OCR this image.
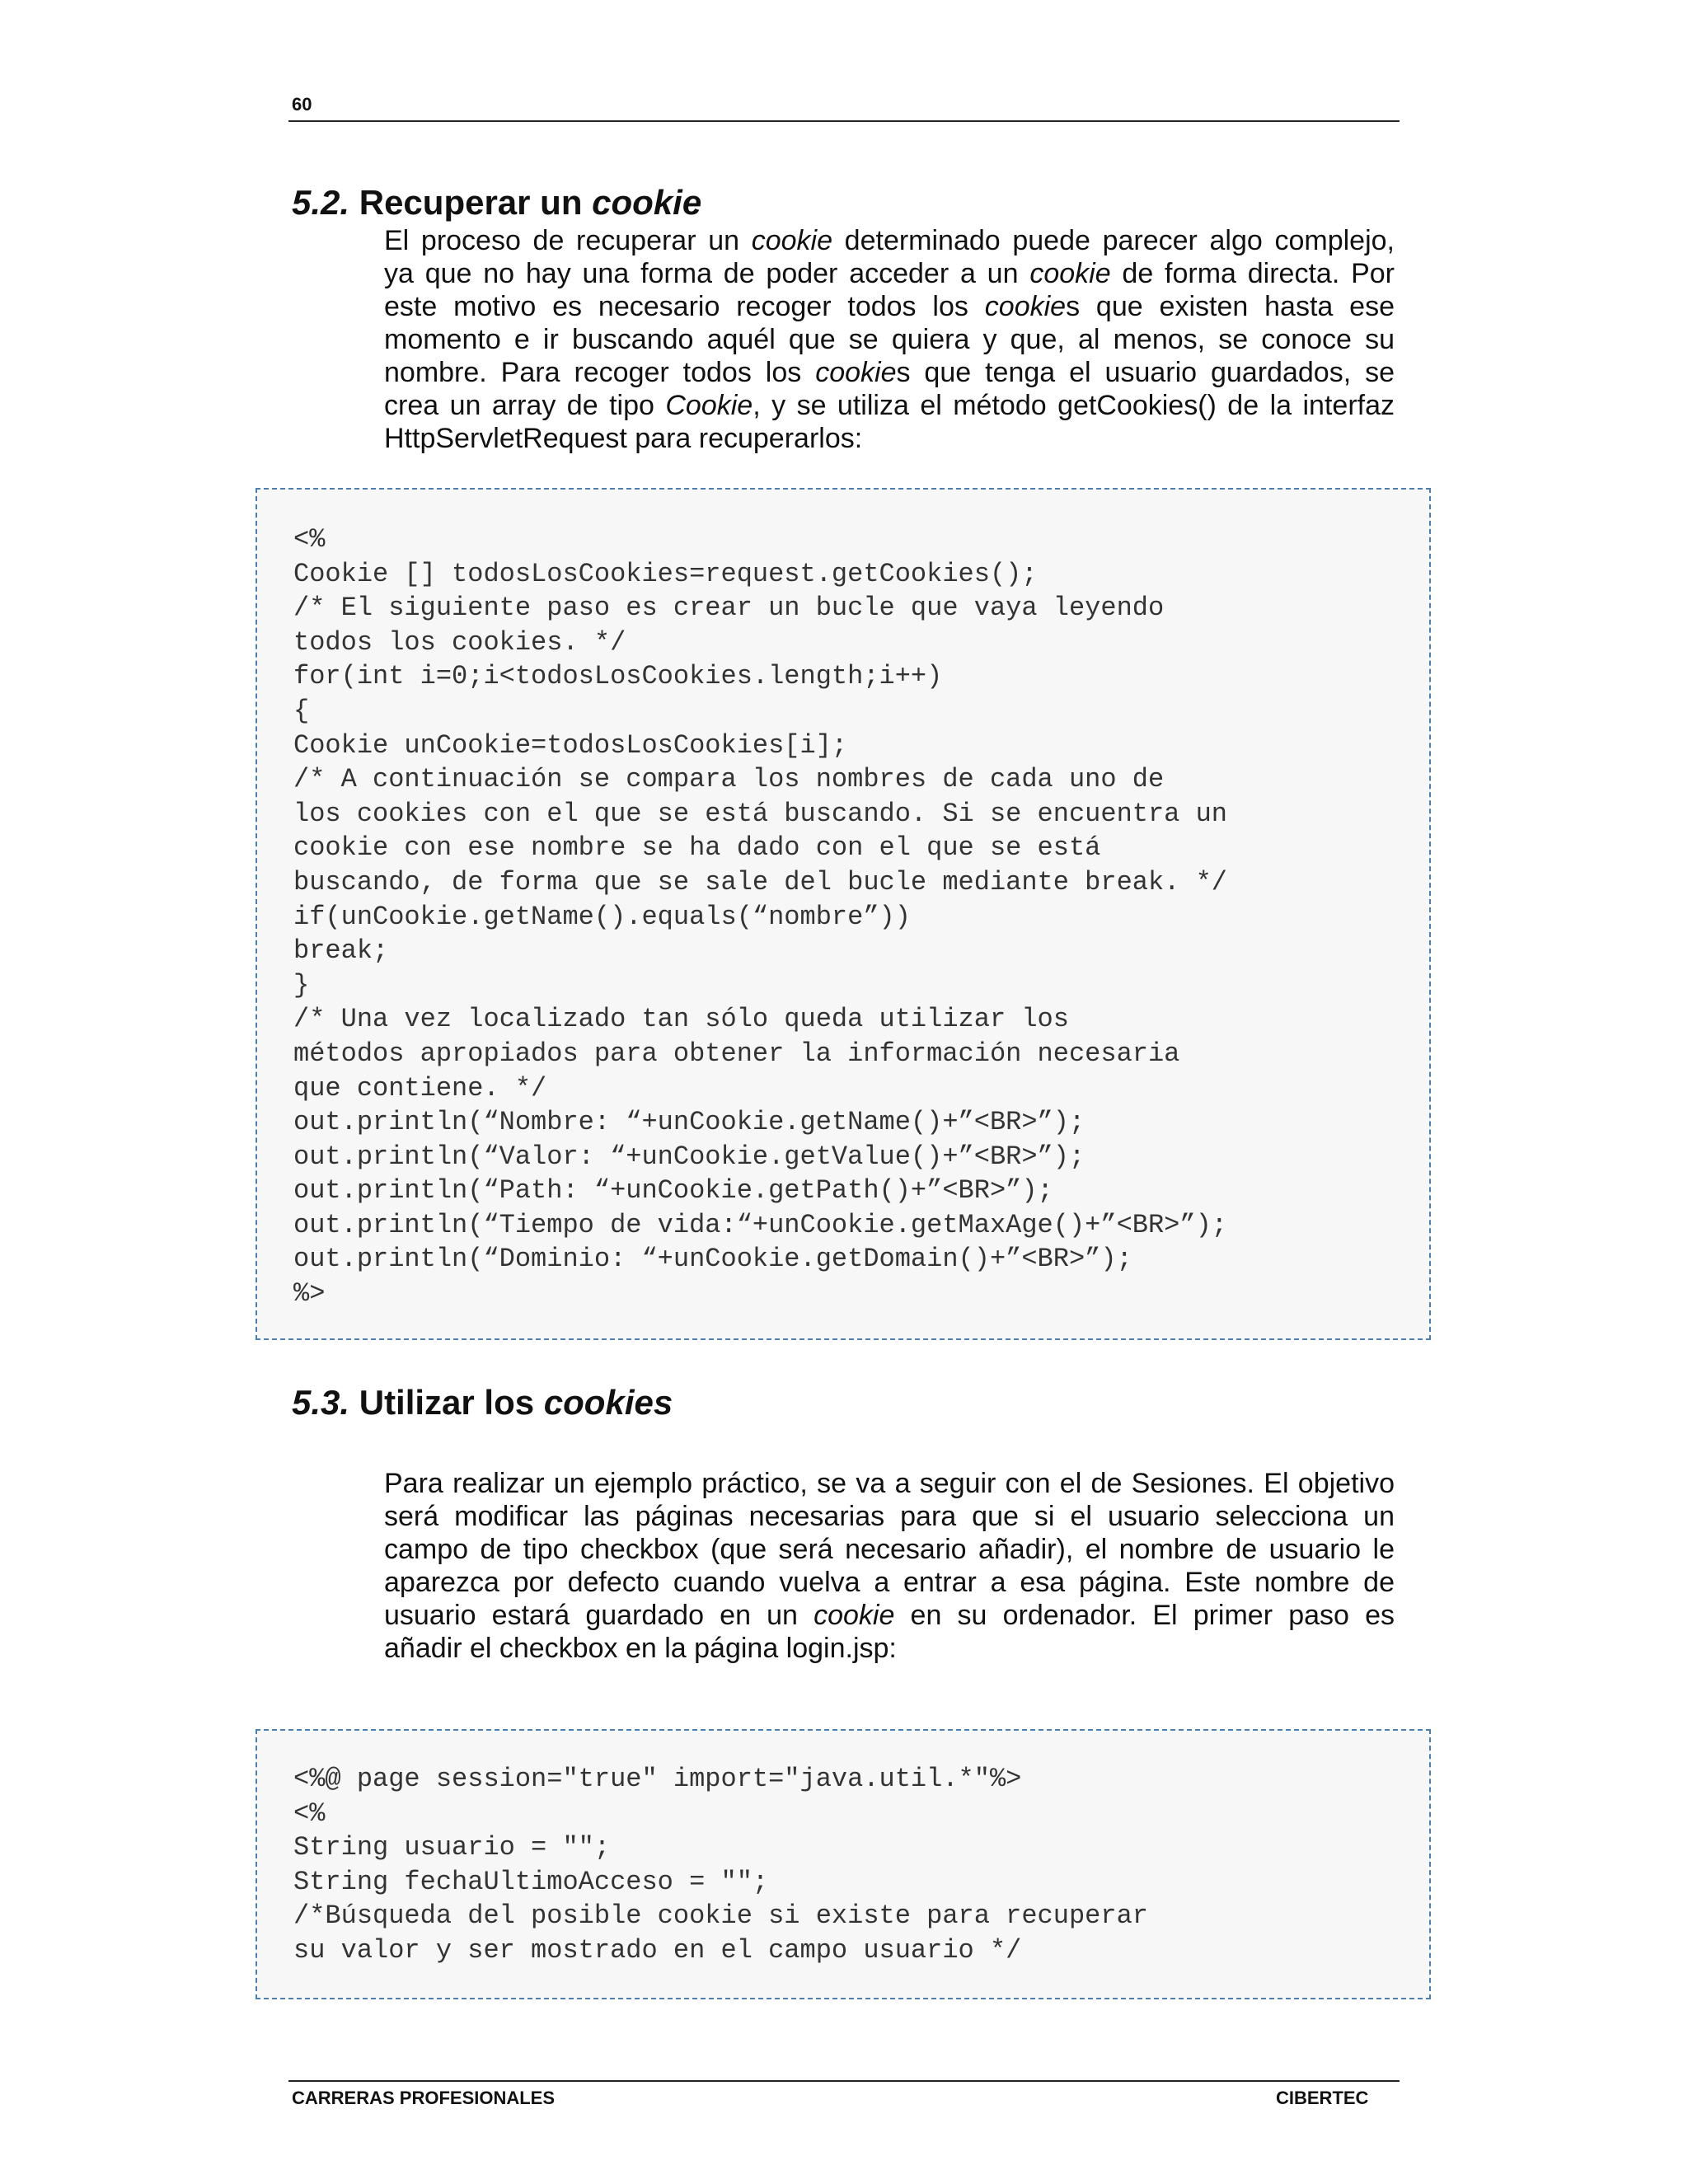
60
5.2. Recuperar un cookie
El proceso de recuperar un cookie determinado puede parecer algo complejo,
ya que no hay una forma de poder acceder a un cookie de forma directa. Por
este motivo es necesario recoger todos los cookies que existen hasta ese
momento e ir buscando aquél que se quiera y que, al menos, se conoce su
nombre. Para recoger todos los cookies que tenga el usuario guardados, se
crea un array de tipo Cookie, y se utiliza el método getCookies() de la interfaz
HttpServletRequest para recuperarlos:
<%
Cookie [] todosLosCookies=request.getCookies();
/* El siguiente paso es crear un bucle que vaya leyendo
todos los cookies. */
for(int i=0;i<todosLosCookies.length;i++)
{
Cookie unCookie=todosLosCookies[i];
/* A continuación se compara los nombres de cada uno de
los cookies con el que se está buscando. Si se encuentra un
cookie con ese nombre se ha dado con el que se está
buscando, de forma que se sale del bucle mediante break. */
if(unCookie.getName().equals(“nombre”))
break;
}
/* Una vez localizado tan sólo queda utilizar los
métodos apropiados para obtener la información necesaria
que contiene. */
out.println(“Nombre: “+unCookie.getName()+”<BR>”);
out.println(“Valor: “+unCookie.getValue()+”<BR>”);
out.println(“Path: “+unCookie.getPath()+”<BR>”);
out.println(“Tiempo de vida:“+unCookie.getMaxAge()+”<BR>”);
out.println(“Dominio: “+unCookie.getDomain()+”<BR>”);
%>
5.3. Utilizar los cookies
Para realizar un ejemplo práctico, se va a seguir con el de Sesiones. El objetivo
será modificar las páginas necesarias para que si el usuario selecciona un
campo de tipo checkbox (que será necesario añadir), el nombre de usuario le
aparezca por defecto cuando vuelva a entrar a esa página. Este nombre de
usuario estará guardado en un cookie en su ordenador. El primer paso es
añadir el checkbox en la página login.jsp:
<%@ page session="true" import="java.util.*"%>
<%
String usuario = "";
String fechaUltimoAcceso = "";
/*Búsqueda del posible cookie si existe para recuperar
su valor y ser mostrado en el campo usuario */
CARRERAS PROFESIONALES	CIBERTEC
